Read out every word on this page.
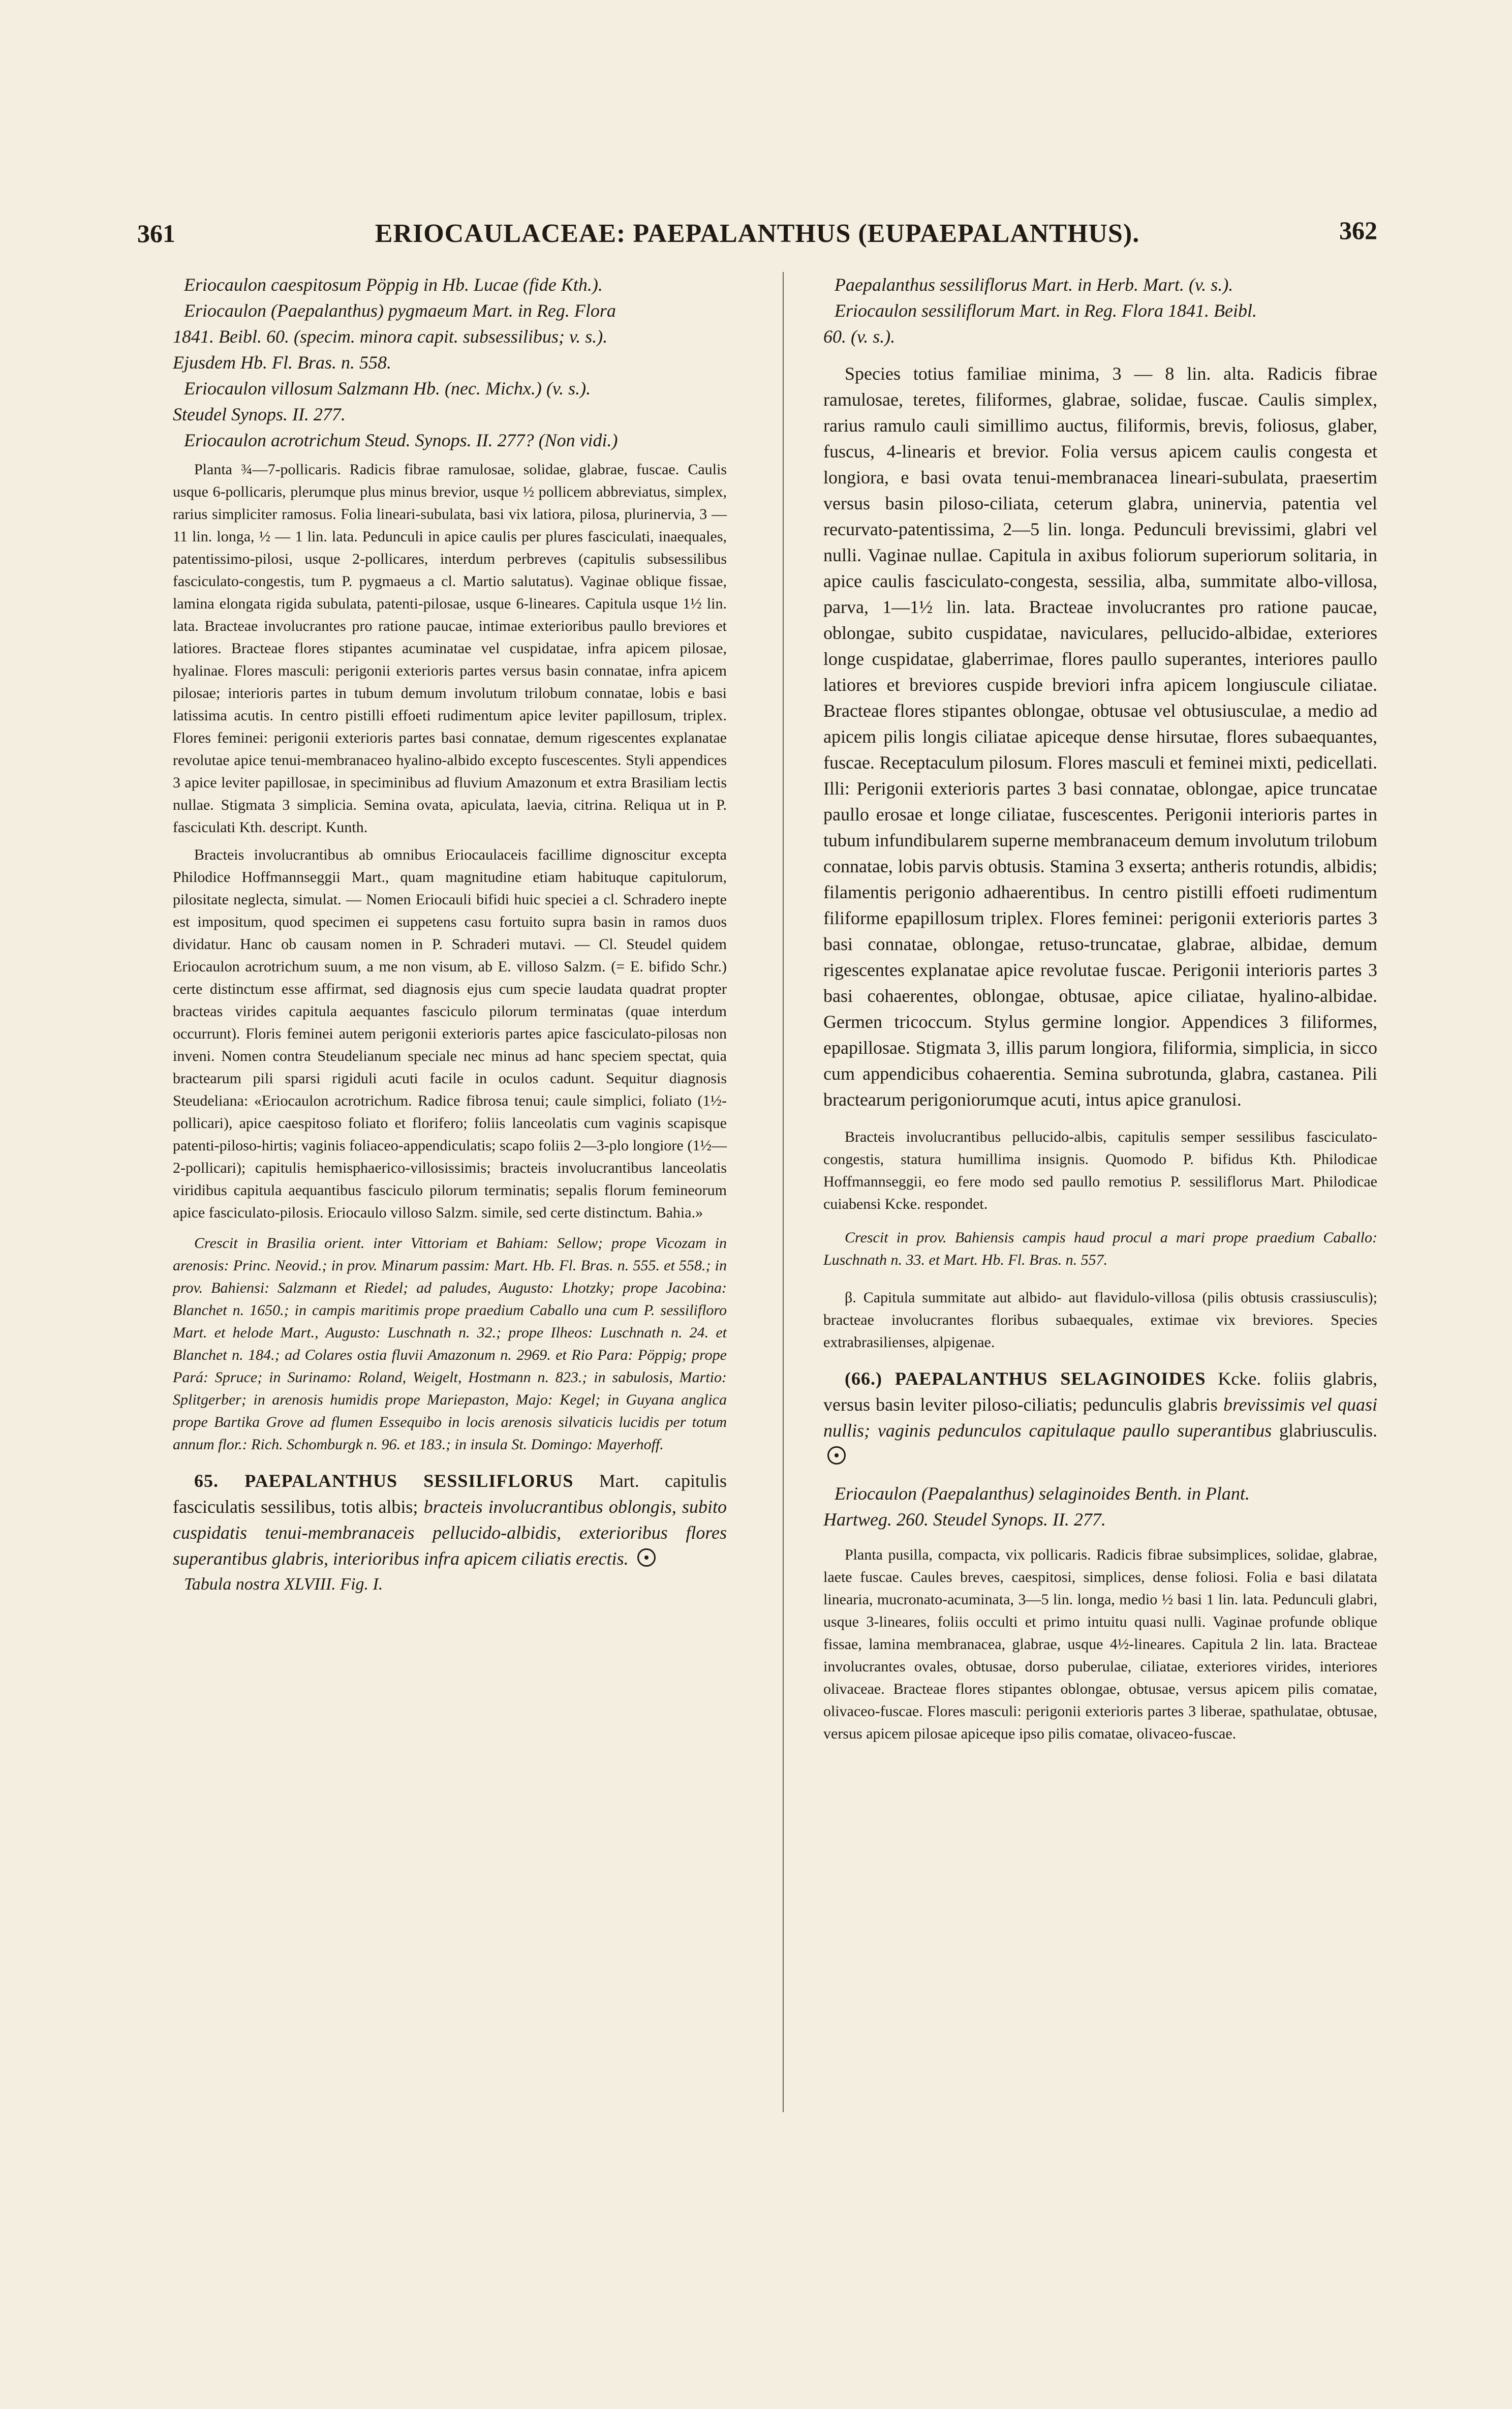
361	ERIOCAULACEAE: PAEPALANTHUS (EUPAEPALANTHUS).	362

Eriocaulon caespitosum Pöppig in Hb. Lucae (fide Kth.).

Eriocaulon (Paepalanthus) pygmaeum Mart. in Reg. Flora

1841. Beibl. 60. (specim. minora capit. subsessilibus; v. s.).

Ejusdem Hb. Fl. Bras. n. 558.

Eriocaulon villosum Salzmann Hb. (nec. Michx.) (v. s.).

Steudel Synops. II. 277.

Eriocaulon acrotrichum Steud. Synops. II. 277? (Non vidi.)

Planta ¾—7-pollicaris. Radicis fibrae ramulosae, solidae, glabrae, fuscae. Caulis usque 6-pollicaris, plerumque plus minus brevior, usque ½ pollicem abbreviatus, simplex, rarius simpliciter ramosus. Folia lineari-subulata, basi vix latiora, pilosa, plurinervia, 3 — 11 lin. longa, ½ — 1 lin. lata. Pedunculi in apice caulis per plures fasciculati, inaequales, patentissimo-pilosi, usque 2-pollicares, interdum perbreves (capitulis subsessilibus fasciculato-congestis, tum P. pygmaeus a cl. Martio salutatus). Vaginae oblique fissae, lamina elongata rigida subulata, patenti-pilosae, usque 6-lineares. Capitula usque 1½ lin. lata. Bracteae involucrantes pro ratione paucae, intimae exterioribus paullo breviores et latiores. Bracteae flores stipantes acuminatae vel cuspidatae, infra apicem pilosae, hyalinae. Flores masculi: perigonii exterioris partes versus basin connatae, infra apicem pilosae; interioris partes in tubum demum involutum trilobum connatae, lobis e basi latissima acutis. In centro pistilli effoeti rudimentum apice leviter papillosum, triplex. Flores feminei: perigonii exterioris partes basi connatae, demum rigescentes explanatae revolutae apice tenui-membranaceo hyalino-albido excepto fuscescentes. Styli appendices 3 apice leviter papillosae, in speciminibus ad fluvium Amazonum et extra Brasiliam lectis nullae. Stigmata 3 simplicia. Semina ovata, apiculata, laevia, citrina. Reliqua ut in P. fasciculati Kth. descript. Kunth.

Bracteis involucrantibus ab omnibus Eriocaulaceis facillime dignoscitur excepta Philodice Hoffmannseggii Mart., quam magnitudine etiam habituque capitulorum, pilositate neglecta, simulat. — Nomen Eriocauli bifidi huic speciei a cl. Schradero inepte est impositum, quod specimen ei suppetens casu fortuito supra basin in ramos duos dividatur. Hanc ob causam nomen in P. Schraderi mutavi. — Cl. Steudel quidem Eriocaulon acrotrichum suum, a me non visum, ab E. villoso Salzm. (= E. bifido Schr.) certe distinctum esse affirmat, sed diagnosis ejus cum specie laudata quadrat propter bracteas virides capitula aequantes fasciculo pilorum terminatas (quae interdum occurrunt). Floris feminei autem perigonii exterioris partes apice fasciculato-pilosas non inveni. Nomen contra Steudelianum speciale nec minus ad hanc speciem spectat, quia bractearum pili sparsi rigiduli acuti facile in oculos cadunt. Sequitur diagnosis Steudeliana: «Eriocaulon acrotrichum. Radice fibrosa tenui; caule simplici, foliato (1½-pollicari), apice caespitoso foliato et florifero; foliis lanceolatis cum vaginis scapisque patenti-piloso-hirtis; vaginis foliaceo-appendiculatis; scapo foliis 2—3-plo longiore (1½—2-pollicari); capitulis hemisphaerico-villosissimis; bracteis involucrantibus lanceolatis viridibus capitula aequantibus fasciculo pilorum terminatis; sepalis florum femineorum apice fasciculato-pilosis. Eriocaulo villoso Salzm. simile, sed certe distinctum. Bahia.»

Crescit in Brasilia orient. inter Vittoriam et Bahiam: Sellow; prope Vicozam in arenosis: Princ. Neovid.; in prov. Minarum passim: Mart. Hb. Fl. Bras. n. 555. et 558.; in prov. Bahiensi: Salzmann et Riedel; ad paludes, Augusto: Lhotzky; prope Jacobina: Blanchet n. 1650.; in campis maritimis prope praedium Caballo una cum P. sessilifloro Mart. et helode Mart., Augusto: Luschnath n. 32.; prope Ilheos: Luschnath n. 24. et Blanchet n. 184.; ad Colares ostia fluvii Amazonum n. 2969. et Rio Para: Pöppig; prope Pará: Spruce; in Surinamo: Roland, Weigelt, Hostmann n. 823.; in sabulosis, Martio: Splitgerber; in arenosis humidis prope Mariepaston, Majo: Kegel; in Guyana anglica prope Bartika Grove ad flumen Essequibo in locis arenosis silvaticis lucidis per totum annum flor.: Rich. Schomburgk n. 96. et 183.; in insula St. Domingo: Mayerhoff.

65. PAEPALANTHUS SESSILIFLORUS Mart. capitulis fasciculatis sessilibus, totis albis; bracteis involucrantibus oblongis, subito cuspidatis tenui-membranaceis pellucido-albidis, exterioribus flores superantibus glabris, interioribus infra apicem ciliatis erectis.

Tabula nostra XLVIII. Fig. I.

Paepalanthus sessiliflorus Mart. in Herb. Mart. (v. s.).

Eriocaulon sessiliflorum Mart. in Reg. Flora 1841. Beibl.

60. (v. s.).

Species totius familiae minima, 3 — 8 lin. alta. Radicis fibrae ramulosae, teretes, filiformes, glabrae, solidae, fuscae. Caulis simplex, rarius ramulo cauli simillimo auctus, filiformis, brevis, foliosus, glaber, fuscus, 4-linearis et brevior. Folia versus apicem caulis congesta et longiora, e basi ovata tenui-membranacea lineari-subulata, praesertim versus basin piloso-ciliata, ceterum glabra, uninervia, patentia vel recurvato-patentissima, 2—5 lin. longa. Pedunculi brevissimi, glabri vel nulli. Vaginae nullae. Capitula in axibus foliorum superiorum solitaria, in apice caulis fasciculato-congesta, sessilia, alba, summitate albo-villosa, parva, 1—1½ lin. lata. Bracteae involucrantes pro ratione paucae, oblongae, subito cuspidatae, naviculares, pellucido-albidae, exteriores longe cuspidatae, glaberrimae, flores paullo superantes, interiores paullo latiores et breviores cuspide breviori infra apicem longiuscule ciliatae. Bracteae flores stipantes oblongae, obtusae vel obtusiusculae, a medio ad apicem pilis longis ciliatae apiceque dense hirsutae, flores subaequantes, fuscae. Receptaculum pilosum. Flores masculi et feminei mixti, pedicellati. Illi: Perigonii exterioris partes 3 basi connatae, oblongae, apice truncatae paullo erosae et longe ciliatae, fuscescentes. Perigonii interioris partes in tubum infundibularem superne membranaceum demum involutum trilobum connatae, lobis parvis obtusis. Stamina 3 exserta; antheris rotundis, albidis; filamentis perigonio adhaerentibus. In centro pistilli effoeti rudimentum filiforme epapillosum triplex. Flores feminei: perigonii exterioris partes 3 basi connatae, oblongae, retuso-truncatae, glabrae, albidae, demum rigescentes explanatae apice revolutae fuscae. Perigonii interioris partes 3 basi cohaerentes, oblongae, obtusae, apice ciliatae, hyalino-albidae. Germen tricoccum. Stylus germine longior. Appendices 3 filiformes, epapillosae. Stigmata 3, illis parum longiora, filiformia, simplicia, in sicco cum appendicibus cohaerentia. Semina subrotunda, glabra, castanea. Pili bractearum perigoniorumque acuti, intus apice granulosi.

Bracteis involucrantibus pellucido-albis, capitulis semper sessilibus fasciculato-congestis, statura humillima insignis. Quomodo P. bifidus Kth. Philodicae Hoffmannseggii, eo fere modo sed paullo remotius P. sessiliflorus Mart. Philodicae cuiabensi Kcke. respondet.

Crescit in prov. Bahiensis campis haud procul a mari prope praedium Caballo: Luschnath n. 33. et Mart. Hb. Fl. Bras. n. 557.

β. Capitula summitate aut albido- aut flavidulo-villosa (pilis obtusis crassiusculis); bracteae involucrantes floribus subaequales, extimae vix breviores. Species extrabrasilienses, alpigenae.

(66.) PAEPALANTHUS SELAGINOIDES Kcke. foliis glabris, versus basin leviter piloso-ciliatis; pedunculis glabris brevissimis vel quasi nullis; vaginis pedunculos capitulaque paullo superantibus glabriusculis.

Eriocaulon (Paepalanthus) selaginoides Benth. in Plant.

Hartweg. 260. Steudel Synops. II. 277.

Planta pusilla, compacta, vix pollicaris. Radicis fibrae subsimplices, solidae, glabrae, laete fuscae. Caules breves, caespitosi, simplices, dense foliosi. Folia e basi dilatata linearia, mucronato-acuminata, 3—5 lin. longa, medio ½ basi 1 lin. lata. Pedunculi glabri, usque 3-lineares, foliis occulti et primo intuitu quasi nulli. Vaginae profunde oblique fissae, lamina membranacea, glabrae, usque 4½-lineares. Capitula 2 lin. lata. Bracteae involucrantes ovales, obtusae, dorso puberulae, ciliatae, exteriores virides, interiores olivaceae. Bracteae flores stipantes oblongae, obtusae, versus apicem pilis comatae, olivaceo-fuscae. Flores masculi: perigonii exterioris partes 3 liberae, spathulatae, obtusae, versus apicem pilosae apiceque ipso pilis comatae, olivaceo-fuscae.
